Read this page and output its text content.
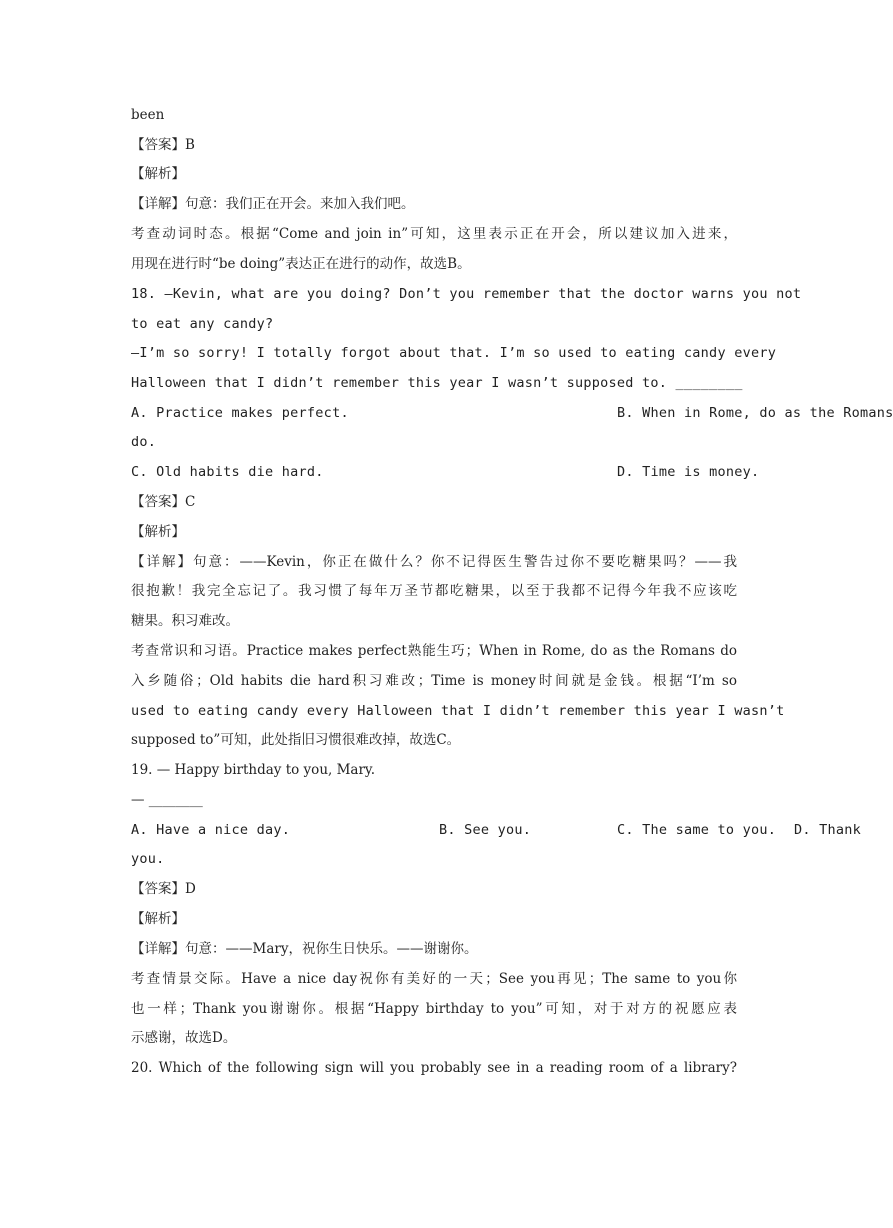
been
【答案】B
【解析】
【详解】句意：我们正在开会。来加入我们吧。
考查动词时态。根据“Come and join in”可知，这里表示正在开会，所以建议加入进来，
用现在进行时“be doing”表达正在进行的动作，故选B。
18. —Kevin, what are you doing? Don’t you remember that the doctor warns you not
to eat any candy?
—I’m so sorry! I totally forgot about that. I’m so used to eating candy every
Halloween that I didn’t remember this year I wasn’t supposed to. ________
A. Practice makes perfect.	B. When in Rome, do as the Romans
do.
C. Old habits die hard.	D. Time is money.
【答案】C
【解析】
【详解】句意：——Kevin，你正在做什么？你不记得医生警告过你不要吃糖果吗？——我
很抱歉！我完全忘记了。我习惯了每年万圣节都吃糖果，以至于我都不记得今年我不应该吃
糖果。积习难改。
考查常识和习语。Practice makes perfect熟能生巧；When in Rome, do as the Romans do
入乡随俗；Old habits die hard积习难改；Time is money时间就是金钱。根据“I’m so
used to eating candy every Halloween that I didn’t remember this year I wasn’t
supposed to”可知，此处指旧习惯很难改掉，故选C。
19. — Happy birthday to you, Mary.
— ________
A. Have a nice day.	B. See you.	C. The same to you. D. Thank
you.
【答案】D
【解析】
【详解】句意：——Mary，祝你生日快乐。——谢谢你。
考查情景交际。Have a nice day祝你有美好的一天；See you再见；The same to you你
也一样；Thank you谢谢你。根据“Happy birthday to you”可知，对于对方的祝愿应表
示感谢，故选D。
20. Which of the following sign will you probably see in a reading room of a library?
